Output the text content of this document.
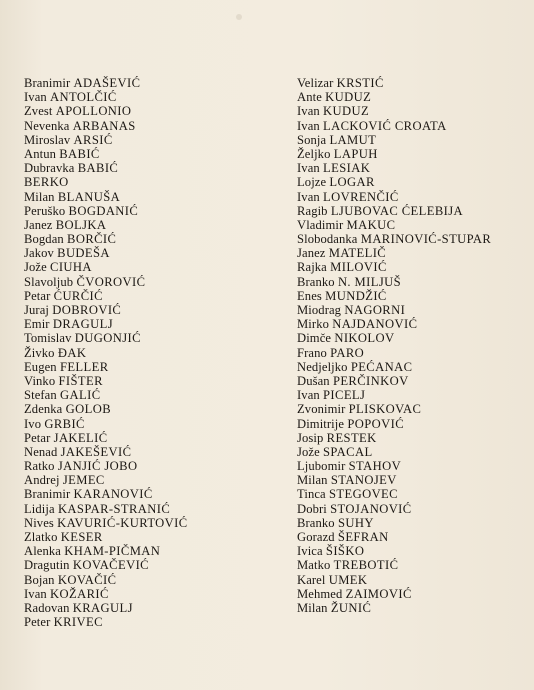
Branimir ADAŠEVIĆ
Ivan ANTOLČIĆ
Zvest APOLLONIO
Nevenka ARBANAS
Miroslav ARSIĆ
Antun BABIĆ
Dubravka BABIĆ
BERKO
Milan BLANUŠA
Peruško BOGDANIĆ
Janez BOLJKA
Bogdan BORČIĆ
Jakov BUDEŠA
Jože CIUHA
Slavoljub ČVOROVIĆ
Petar ĆURČIĆ
Juraj DOBROVIĆ
Emir DRAGULJ
Tomislav DUGONJIĆ
Živko ĐAK
Eugen FELLER
Vinko FIŠTER
Stefan GALIĆ
Zdenka GOLOB
Ivo GRBIĆ
Petar JAKELIĆ
Nenad JAKEŠEVIĆ
Ratko JANJIĆ JOBO
Andrej JEMEC
Branimir KARANOVIĆ
Lidija KASPAR-STRANIĆ
Nives KAVURIĆ-KURTOVIĆ
Zlatko KESER
Alenka KHAM-PIČMAN
Dragutin KOVAČEVIĆ
Bojan KOVAČIĆ
Ivan KOŽARIĆ
Radovan KRAGULJ
Peter KRIVEC
Velizar KRSTIĆ
Ante KUDUZ
Ivan KUDUZ
Ivan LACKOVIĆ CROATA
Sonja LAMUT
Željko LAPUH
Ivan LESIAK
Lojze LOGAR
Ivan LOVRENČIĆ
Ragib LJUBOVAC ĆELEBIJA
Vladimir MAKUC
Slobodanka MARINOVIĆ-STUPAR
Janez MATELIČ
Rajka MILOVIĆ
Branko N. MILJUŠ
Enes MUNDŽIĆ
Miodrag NAGORNI
Mirko NAJDANOVIĆ
Dimče NIKOLOV
Frano PARO
Nedjeljko PEĆANAC
Dušan PERČINKOV
Ivan PICELJ
Zvonimir PLISKOVAC
Dimitrije POPOVIĆ
Josip RESTEK
Jože SPACAL
Ljubomir STAHOV
Milan STANOJEV
Tinca STEGOVEC
Dobri STOJANOVIĆ
Branko SUHY
Gorazd ŠEFRAN
Ivica ŠIŠKO
Matko TREBOTIĆ
Karel UMEK
Mehmed ZAIMOVIĆ
Milan ŽUNIĆ
